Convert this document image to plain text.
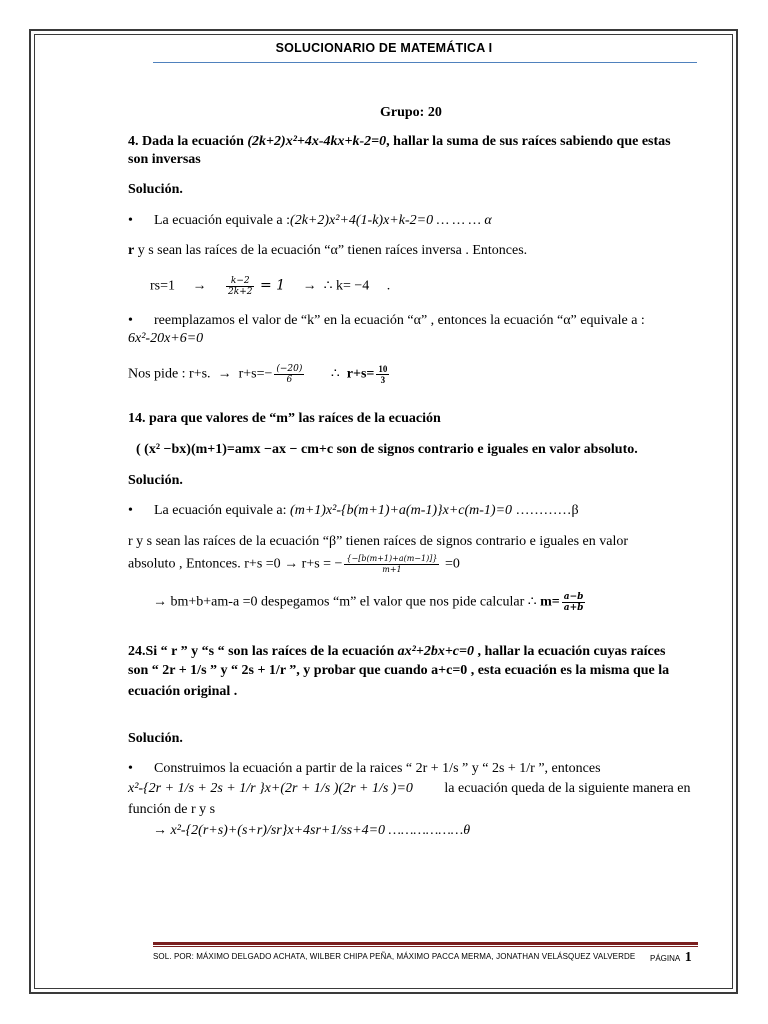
SOLUCIONARIO DE MATEMÁTICA I
Grupo: 20
4. Dada la ecuación (2k+2)x²+4x-4kx+k-2=0, hallar la suma de sus raíces sabiendo que estas
son inversas
Solución.
• La ecuación equivale a :(2k+2)x²+4(1-k)x+k-2=0 … … … α
r y s sean las raíces de la ecuación “α” tienen raíces inversa . Entonces.
$rs=1 \to \frac{k-2}{2k+2} = 1$ → ∴ k= −4 .
• reemplazamos el valor de “k” en la ecuación “α” , entonces la ecuación “α” equivale a :
6x²-20x+6=0
Nos pide : r+s.  →  $r+s=- \frac{(-20)}{6}$ ∴ $r+s= \frac{10}{3}$
14. para que valores de “m” las raíces de la ecuación
( (x² −bx)(m+1)=amx −ax − cm+c son de signos contrario e iguales en valor absoluto.
Solución.
• La ecuación equivale a: (m+1)x²-{b(m+1)+a(m-1)}x+c(m-1)=0 …………β
r y s sean las raíces de la ecuación “β” tienen raíces de signos contrario e iguales en valor
absoluto , Entonces. r+s =0 → r+s = − $\frac{\{-[b(m+1)+a(m-1)]\}}{m+1} =0$
→ bm+b+am-a =0 despegamos “m” el valor que nos pide calcular ∴ $m= \frac{a-b}{a+b}$
24.Si “ r ” y “s “ son las raíces de la ecuación ax²+2bx+c=0 , hallar la ecuación cuyas raíces
son “ 2r + 1/s ” y “ 2s + 1/r ”, y probar que cuando a+c=0 , esta ecuación es la misma que la
ecuación original .
Solución.
• Construimos la ecuación a partir de la raices “ 2r + 1/s ” y “ 2s + 1/r ”, entonces
x²-{2r + 1/s + 2s + 1/r }x+(2r + 1/s )(2r + 1/s )=0 la ecuación queda de la siguiente manera en
función de r y s
→ x²-{2(r+s)+(s+r)/sr}x+4sr+1/ss+4=0 ………………θ
SOL. POR: MÁXIMO DELGADO ACHATA, WILBER CHIPA PEÑA, MÁXIMO PACCA MERMA, JONATHAN VELÁSQUEZ VALVERDE PÁGINA 1
